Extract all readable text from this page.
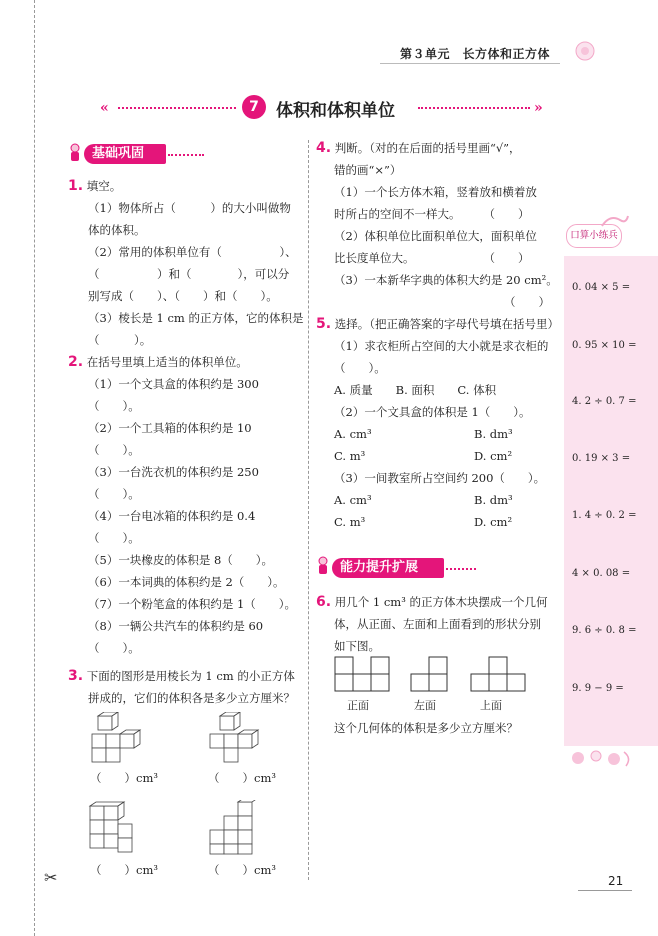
✂
第３单元　长方体和正方体
«	7	体积和体积单位	»
基础巩固
1. 填空。
（1）物体所占（　　　）的大小叫做物
体的体积。
（2）常用的体积单位有（　　　　　）、
（　　　　　）和（　　　　），可以分
别写成（　　）、（　　）和（　　）。
（3）棱长是 1 cm 的正方体，它的体积是
（　　　）。
2. 在括号里填上适当的体积单位。
（1）一个文具盒的体积约是 300
（　　）。
（2）一个工具箱的体积约是 10
（　　）。
（3）一台洗衣机的体积约是 250
（　　）。
（4）一台电冰箱的体积约是 0.4
（　　）。
（5）一块橡皮的体积是 8（　　）。
（6）一本词典的体积约是 2（　　）。
（7）一个粉笔盒的体积约是 1（　　）。
（8）一辆公共汽车的体积约是 60
（　　）。
3. 下面的图形是用棱长为 1 cm 的小正方体
拼成的，它们的体积各是多少立方厘米？
（　　）cm³	（　　）cm³
（　　）cm³	（　　）cm³
4. 判断。（对的在后面的括号里画“√”，
错的画“×”）
（1）一个长方体木箱，竖着放和横着放
时所占的空间不一样大。　　　（　　）
（2）体积单位比面积单位大，面积单位
比长度单位大。　　　　　　　（　　）
（3）一本新华字典的体积大约是 20 cm²。
（　　）
5. 选择。（把正确答案的字母代号填在括号里）
（1）求衣柜所占空间的大小就是求衣柜的
（　　）。
A. 质量　　B. 面积　　C. 体积
（2）一个文具盒的体积是 1（　　）。
A. cm³	B. dm³
C. m³	D. cm²
（3）一间教室所占空间约 200（　　）。
A. cm³	B. dm³
C. m³	D. cm²
能力提升扩展
6. 用几个 1 cm³ 的正方体木块摆成一个几何
体，从正面、左面和上面看到的形状分别
如下图。
正面	左面	上面
这个几何体的体积是多少立方厘米？
口算小练兵
0. 04 × 5 =
0. 95 × 10 =
4. 2 ÷ 0. 7 =
0. 19 × 3 =
1. 4 ÷ 0. 2 =
4 × 0. 08 =
9. 6 ÷ 0. 8 =
9. 9 − 9 =
21
